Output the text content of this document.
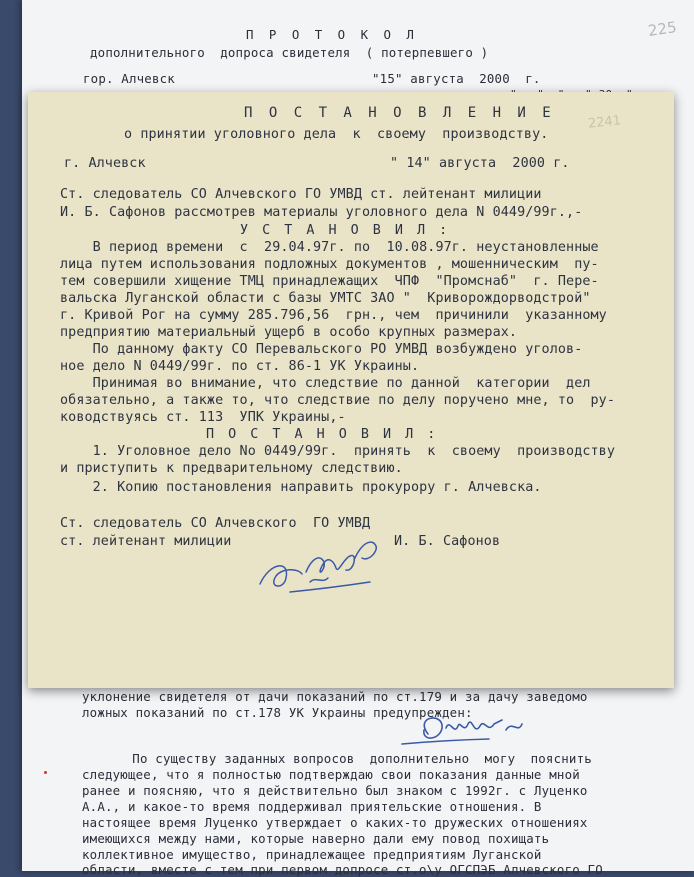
П Р О Т О К О Л
дополнительного  допроса свидетеля  ( потерпевшего )
225
гор. Алчевск	"15" августа  2000  г.
уклонение свидетеля от дачи показаний по ст.179 и за дачу заведомо
ложных показаний по ст.178 УК Украины предупрежден:
По существу заданных вопросов  дополнительно  могу  пояснить
следующее, что я полностью подтверждаю свои показания данные мной
ранее и поясняю, что я действительно был знаком с 1992г. с Луценко
А.А., и какое-то время поддерживал приятельские отношения. В
настоящее время Луценко утверждает о каких-то дружеских отношениях
имеющихся между нами, которые наверно дали ему повод похищать
коллективное имущество, принадлежащее предприятиям Луганской
области, вместе с тем при первом допросе ст.о\у ОГСПЭБ Алчевского ГО
П О С Т А Н О В Л Е Н И Е
о принятии уголовного дела  к  своему  производству.
2241
г. Алчевск	" 14" августа  2000 г.
Ст. следователь СО Алчевского ГО УМВД ст. лейтенант милиции
И. Б. Сафонов рассмотрев материалы уголовного дела N 0449/99г.,-
У С Т А Н О В И Л :
В период времени  с  29.04.97г. по  10.08.97г. неустановленные
лица путем использования подложных документов , мошенническим  пу-
тем совершили хищение ТМЦ принадлежащих  ЧПФ  "Промснаб"  г. Пере-
вальска Луганской области с базы УМТС ЗАО "  Криворождорводстрой"
г. Кривой Рог на сумму 285.796,56  грн., чем  причинили  указанному
предприятию материальный ущерб в особо крупных размерах.
По данному факту СО Перевальского РО УМВД возбуждено уголов-
ное дело N 0449/99г. по ст. 86-1 УК Украины.
Принимая во внимание, что следствие по данной  категории  дел
обязательно, а также то, что следствие по делу поручено мне, то  ру-
ководствуясь ст. 113  УПК Украины,-
П О С Т А Н О В И Л :
1. Уголовное дело No 0449/99г.  принять  к  своему  производству
и приступить к предварительному следствию.
2. Копию постановления направить прокурору г. Алчевска.
Ст. следователь СО Алчевского  ГО УМВД
ст. лейтенант милиции	И. Б. Сафонов
